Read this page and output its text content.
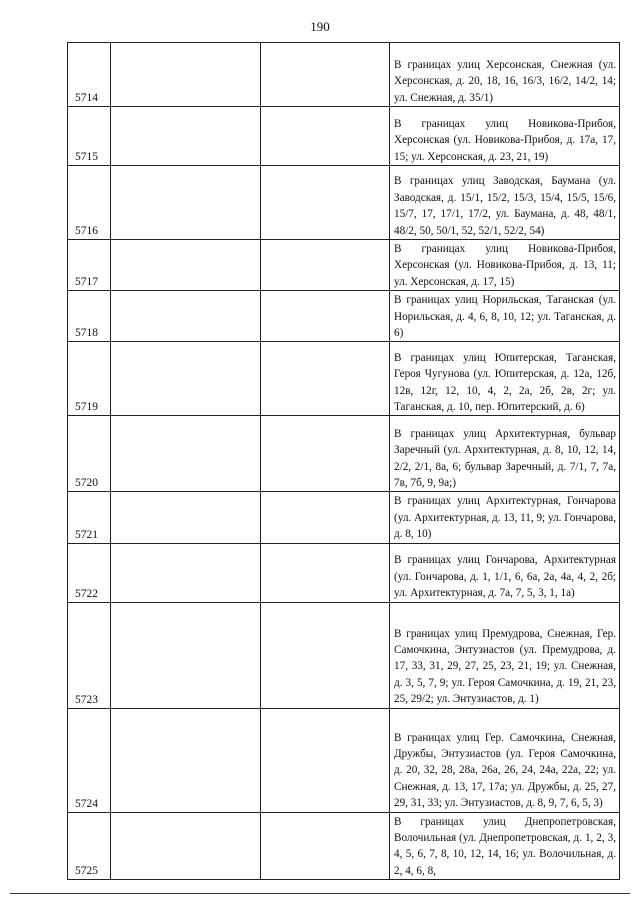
190
5714			В границах улиц Херсонская, Снежная (ул. Херсонская, д. 20, 18, 16, 16/3, 16/2, 14/2, 14; ул. Снежная, д. 35/1)

5715			В границах улиц Новикова-Прибоя, Херсонская (ул. Новикова-Прибоя, д. 17а, 17, 15; ул. Херсонская, д. 23, 21, 19)

5716			В границах улиц Заводская, Баумана (ул. Заводская, д. 15/1, 15/2, 15/3, 15/4, 15/5, 15/6, 15/7, 17, 17/1, 17/2, ул. Баумана, д. 48, 48/1, 48/2, 50, 50/1, 52, 52/1, 52/2, 54)

5717			В границах улиц Новикова-Прибоя, Херсонская (ул. Новикова-Прибоя, д. 13, 11; ул. Херсонская, д. 17, 15)

5718			В границах улиц Норильская, Таганская (ул. Норильская, д. 4, 6, 8, 10, 12; ул. Таганская, д. 6)

5719			В границах улиц Юпитерская, Таганская, Героя Чугунова (ул. Юпитерская, д. 12а, 12б, 12в, 12г, 12, 10, 4, 2, 2а, 2б, 2в, 2г; ул. Таганская, д. 10, пер. Юпитерский, д. 6)

5720			В границах улиц Архитектурная, бульвар Заречный (ул. Архитектурная, д. 8, 10, 12, 14, 2/2, 2/1, 8а, 6; бульвар Заречный, д. 7/1, 7, 7а, 7в, 7б, 9, 9а;)

5721			В границах улиц Архитектурная, Гончарова (ул. Архитектурная, д. 13, 11, 9; ул. Гончарова, д. 8, 10)

5722			В границах улиц Гончарова, Архитектурная (ул. Гончарова, д. 1, 1/1, 6, 6а, 2а, 4а, 4, 2, 2б; ул. Архитектурная, д. 7а, 7, 5, 3, 1, 1а)

5723			В границах улиц Премудрова, Снежная, Гер. Самочкина, Энтузиастов (ул. Премудрова, д. 17, 33, 31, 29, 27, 25, 23, 21, 19; ул. Снежная, д. 3, 5, 7, 9; ул. Героя Самочкина, д. 19, 21, 23, 25, 29/2; ул. Энтузиастов, д. 1)

5724			В границах улиц Гер. Самочкина, Снежная, Дружбы, Энтузиастов (ул. Героя Самочкина, д. 20, 32, 28, 28а, 26а, 26, 24, 24а, 22а, 22; ул. Снежная, д. 13, 17, 17а; ул. Дружбы, д. 25, 27, 29, 31, 33; ул. Энтузиастов, д. 8, 9, 7, 6, 5, 3)

5725			В границах улиц Днепропетровская, Волочильная (ул. Днепропетровская, д. 1, 2, 3, 4, 5, 6, 7, 8, 10, 12, 14, 16; ул. Волочильная, д. 2, 4, 6, 8,
